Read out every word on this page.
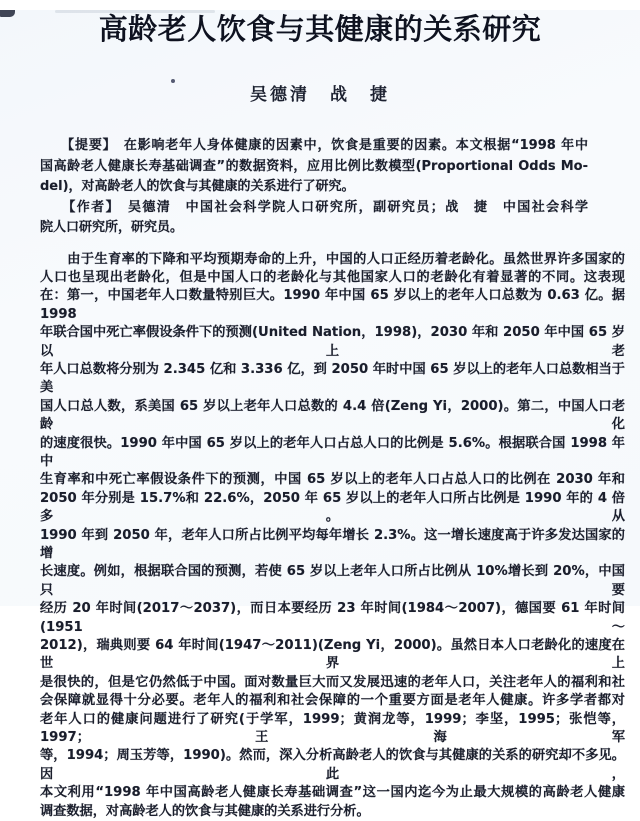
高龄老人饮食与其健康的关系研究
吴德清　战　捷
　　【提要】　在影响老年人身体健康的因素中，饮食是重要的因素。本文根据“1998 年中
国高龄老人健康长寿基础调查”的数据资料，应用比例比数模型(Proportional Odds Mo-
del)，对高龄老人的饮食与其健康的关系进行了研究。
　　【作者】　吴德清　中国社会科学院人口研究所，副研究员；战　捷　中国社会科学
院人口研究所，研究员。
　　由于生育率的下降和平均预期寿命的上升，中国的人口正经历着老龄化。虽然世界许多国家的
人口也呈现出老龄化，但是中国人口的老龄化与其他国家人口的老龄化有着显著的不同。这表现
在：第一，中国老年人口数量特别巨大。1990 年中国 65 岁以上的老年人口总数为 0.63 亿。据 1998
年联合国中死亡率假设条件下的预测(United Nation，1998)，2030 年和 2050 年中国 65 岁以上老
年人口总数将分别为 2.345 亿和 3.336 亿，到 2050 年时中国 65 岁以上的老年人口总数相当于美
国人口总人数，系美国 65 岁以上老年人口总数的 4.4 倍(Zeng Yi，2000)。第二，中国人口老龄化
的速度很快。1990 年中国 65 岁以上的老年人口占总人口的比例是 5.6%。根据联合国 1998 年中
生育率和中死亡率假设条件下的预测，中国 65 岁以上的老年人口占总人口的比例在 2030 年和
2050 年分别是 15.7%和 22.6%，2050 年 65 岁以上的老年人口所占比例是 1990 年的 4 倍多。从
1990 年到 2050 年，老年人口所占比例平均每年增长 2.3%。这一增长速度高于许多发达国家的增
长速度。例如，根据联合国的预测，若使 65 岁以上老年人口所占比例从 10%增长到 20%，中国只要
经历 20 年时间(2017～2037)，而日本要经历 23 年时间(1984～2007)，德国要 61 年时间(1951～
2012)，瑞典则要 64 年时间(1947～2011)(Zeng Yi，2000)。虽然日本人口老龄化的速度在世界上
是很快的，但是它仍然低于中国。面对数量巨大而又发展迅速的老年人口，关注老年人的福利和社
会保障就显得十分必要。老年人的福利和社会保障的一个重要方面是老年人健康。许多学者都对
老年人口的健康问题进行了研究(于学军，1999；黄润龙等，1999；李坚，1995；张恺等，1997；王海军
等，1994；周玉芳等，1990)。然而，深入分析高龄老人的饮食与其健康的关系的研究却不多见。因此，
本文利用“1998 年中国高龄老人健康长寿基础调查”这一国内迄今为止最大规模的高龄老人健康
调查数据，对高龄老人的饮食与其健康的关系进行分析。
